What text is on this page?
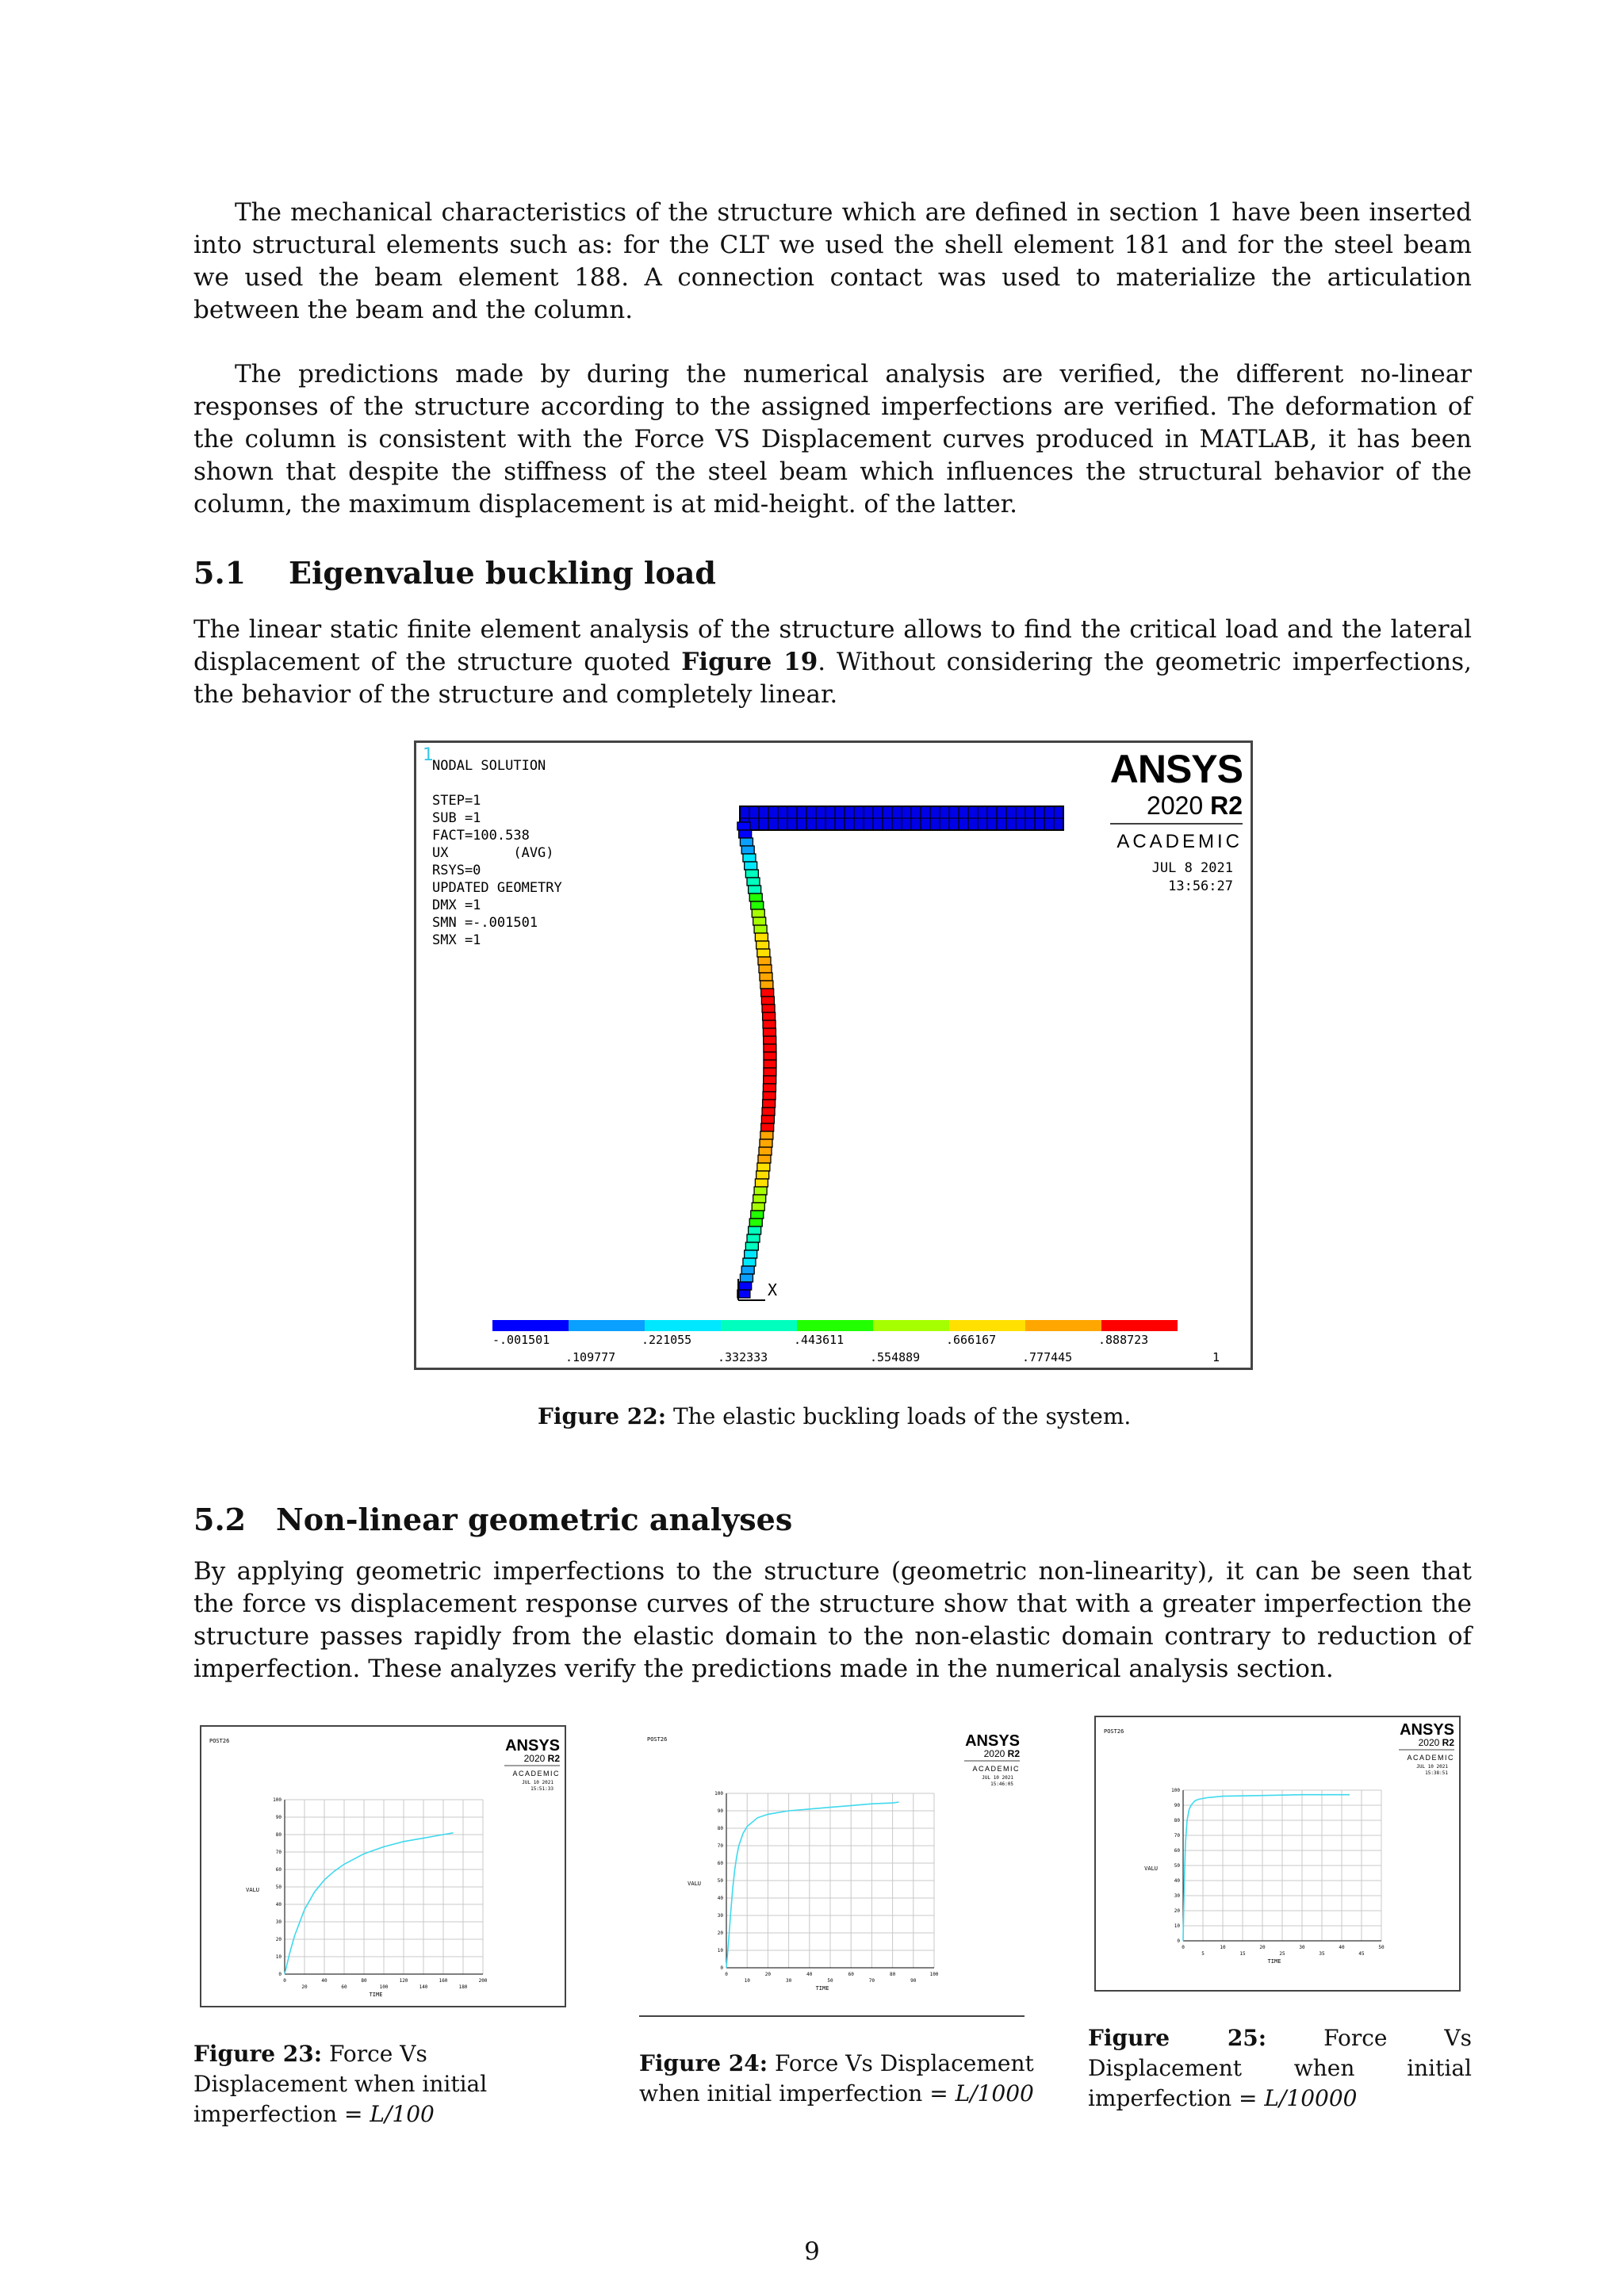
The mechanical characteristics of the structure which are defined in section 1 have been inserted into structural elements such as: for the CLT we used the shell element 181 and for the steel beam we used the beam element 188. A connection contact was used to materialize the articulation between the beam and the column.

The predictions made by during the numerical analysis are verified, the different no-linear responses of the structure according to the assigned imperfections are verified. The deformation of the column is consistent with the Force VS Displacement curves produced in MATLAB, it has been shown that despite the stiffness of the steel beam which influences the structural behavior of the column, the maximum displacement is at mid-height. of the latter.

5.1 Eigenvalue buckling load

The linear static finite element analysis of the structure allows to find the critical load and the lateral displacement of the structure quoted Figure 19. Without considering the geometric imperfections, the behavior of the structure and completely linear.

1
NODAL SOLUTION
STEP=1
SUB =1
FACT=100.538
UX        (AVG)
RSYS=0
UPDATED GEOMETRY
DMX =1
SMN =-.001501
SMX =1
ANSYS
2020 R2
ACADEMIC
JUL 8 2021
13:56:27
X
-.001501	.221055	.443611	.666167	.888723
.109777	.332333	.554889	.777445	1

Figure 22: The elastic buckling loads of the system.

5.2 Non-linear geometric analyses

By applying geometric imperfections to the structure (geometric non-linearity), it can be seen that the force vs displacement response curves of the structure show that with a greater imperfection the structure passes rapidly from the elastic domain to the non-elastic domain contrary to reduction of imperfection. These analyzes verify the predictions made in the numerical analysis section.

POST26	ANSYS
2020 R2
ACADEMIC
JUL 10 2021
15:51:33
0
10
20
30
40
50
60
70
80
90
100
0
20
40
60
80
100
120
140
160
180
200
VALU
TIME
POST26	ANSYS
2020 R2
ACADEMIC
JUL 10 2021
15:46:05
0
10
20
30
40
50
60
70
80
90
100
0
10
20
30
40
50
60
70
80
90
100
VALU
TIME
POST26	ANSYS
2020 R2
ACADEMIC
JUL 10 2021
15:38:51
0
10
20
30
40
50
60
70
80
90
100
0
5
10
15
20
25
30
35
40
45
50
VALU
TIME

Figure 23: Force Vs Displacement when initial imperfection = L/100

Figure 24: Force Vs Displacement when initial imperfection = L/1000

Figure 25: Force Vs Displacement when initial imperfection = L/10000

9
